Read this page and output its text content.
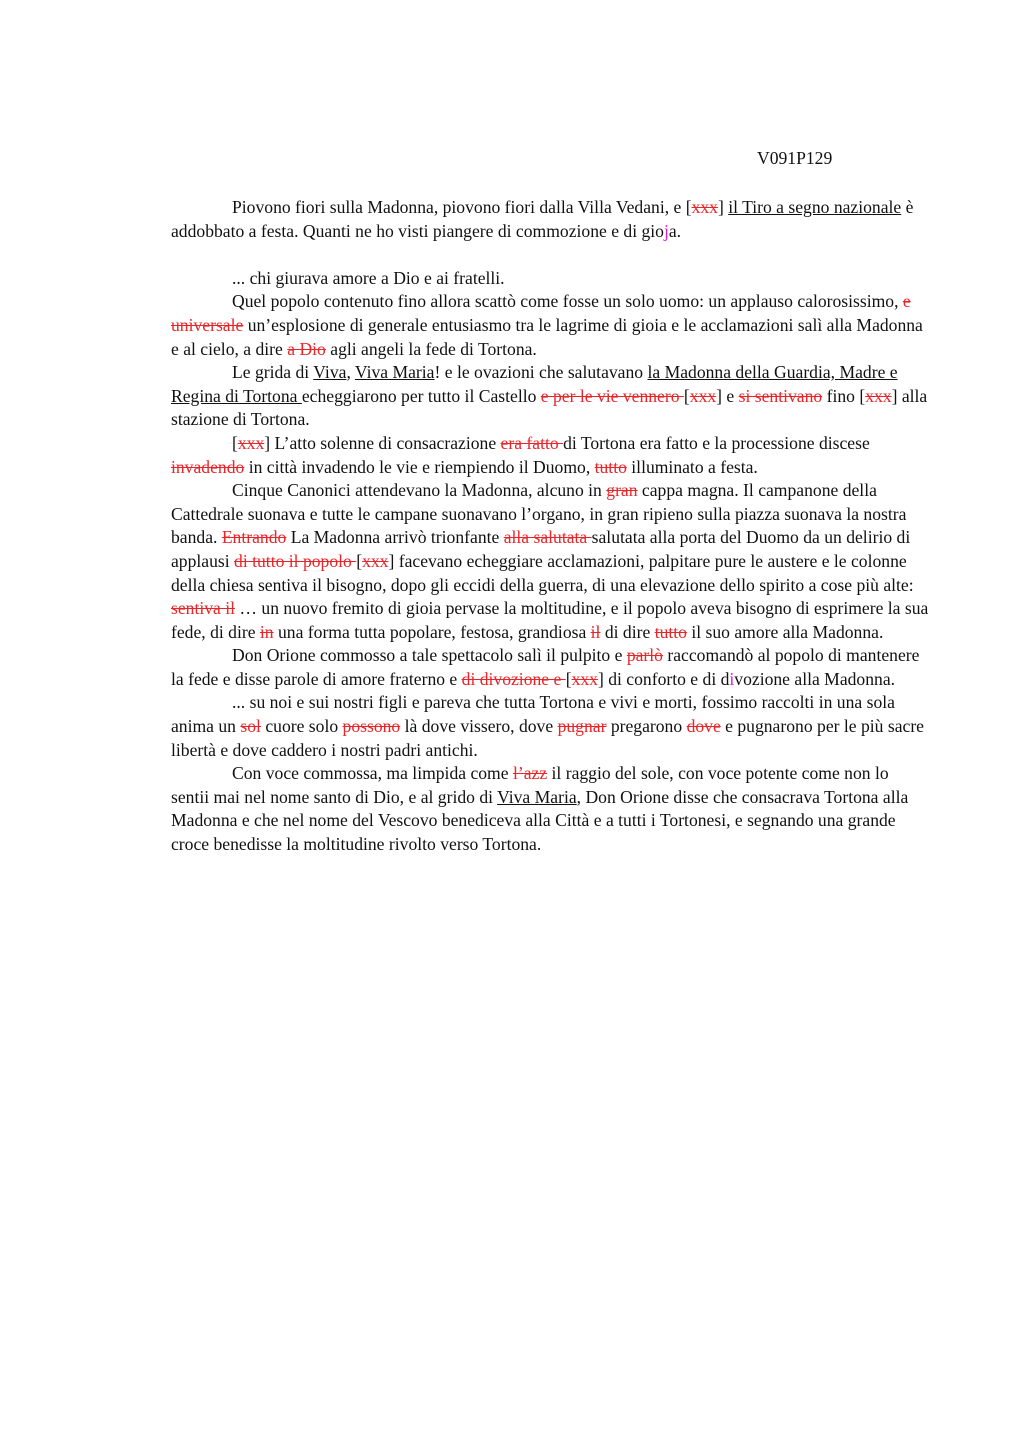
V091P129

Piovono fiori sulla Madonna, piovono fiori dalla Villa Vedani, e [xxx] il Tiro a segno nazionale è addobbato a festa. Quanti ne ho visti piangere di commozione e di gioja.

... chi giurava amore a Dio e ai fratelli.

Quel popolo contenuto fino allora scattò come fosse un solo uomo: un applauso calorosissimo, e universale un’esplosione di generale entusiasmo tra le lagrime di gioia e le acclamazioni salì alla Madonna e al cielo, a dire a Dio agli angeli la fede di Tortona.

Le grida di Viva, Viva Maria! e le ovazioni che salutavano la Madonna della Guardia, Madre e Regina di Tortona echeggiarono per tutto il Castello e per le vie vennero [xxx] e si sentivano fino [xxx] alla stazione di Tortona.

[xxx] L’atto solenne di consacrazione era fatto di Tortona era fatto e la processione discese invadendo in città invadendo le vie e riempiendo il Duomo, tutto illuminato a festa.

Cinque Canonici attendevano la Madonna, alcuno in gran cappa magna. Il campanone della Cattedrale suonava e tutte le campane suonavano l’organo, in gran ripieno sulla piazza suonava la nostra banda. Entrando La Madonna arrivò trionfante alla salutata salutata alla porta del Duomo da un delirio di applausi di tutto il popolo [xxx] facevano echeggiare acclamazioni, palpitare pure le austere e le colonne della chiesa sentiva il bisogno, dopo gli eccidi della guerra, di una elevazione dello spirito a cose più alte: sentiva il … un nuovo fremito di gioia pervase la moltitudine, e il popolo aveva bisogno di esprimere la sua fede, di dire in una forma tutta popolare, festosa, grandiosa il di dire tutto il suo amore alla Madonna.

Don Orione commosso a tale spettacolo salì il pulpito e parlò raccomandò al popolo di mantenere la fede e disse parole di amore fraterno e di divozione e [xxx] di conforto e di divozione alla Madonna.

... su noi e sui nostri figli e pareva che tutta Tortona e vivi e morti, fossimo raccolti in una sola anima un sol cuore solo possono là dove vissero, dove pugnar pregarono dove e pugnarono per le più sacre libertà e dove caddero i nostri padri antichi.

Con voce commossa, ma limpida come l’azz il raggio del sole, con voce potente come non lo sentii mai nel nome santo di Dio, e al grido di Viva Maria, Don Orione disse che consacrava Tortona alla Madonna e che nel nome del Vescovo benediceva alla Città e a tutti i Tortonesi, e segnando una grande croce benedisse la moltitudine rivolto verso Tortona.
